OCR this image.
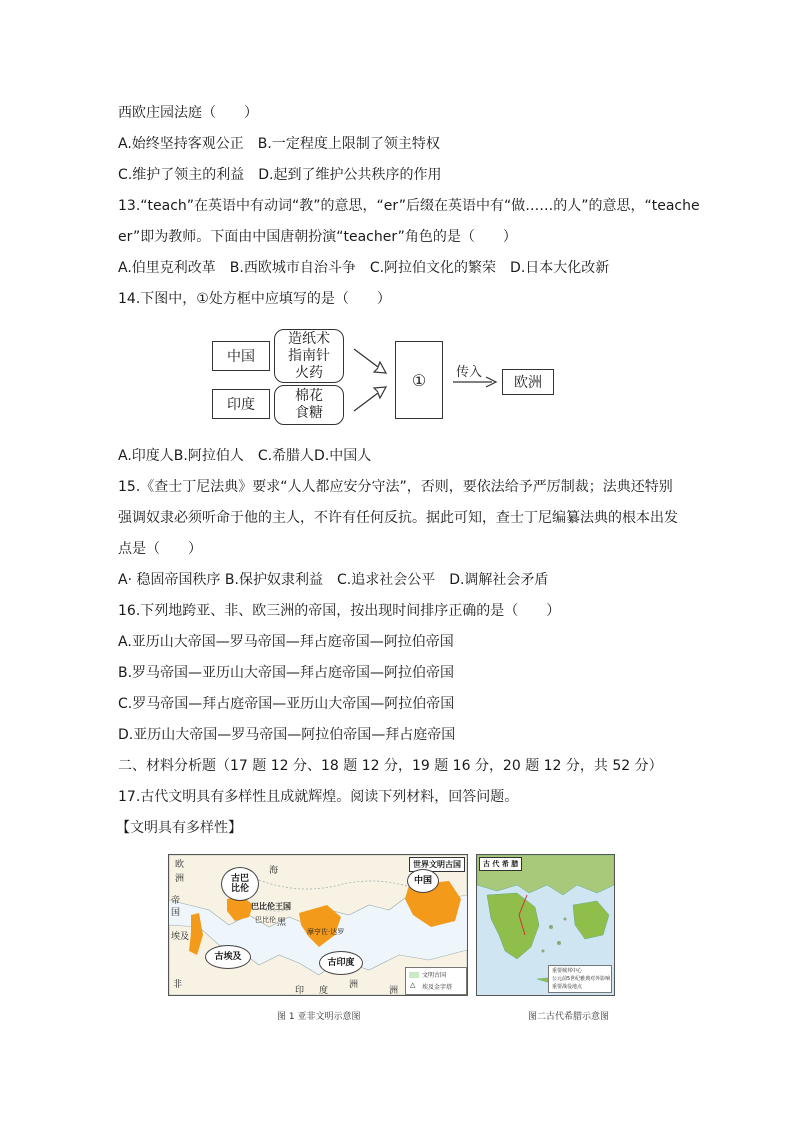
西欧庄园法庭（　　）
A.始终坚持客观公正　B.一定程度上限制了领主特权
C.维护了领主的利益　D.起到了维护公共秩序的作用
13.“teach”在英语中有动词“教”的意思，“er”后缀在英语中有“做……的人”的意思，“teache
er”即为教师。下面由中国唐朝扮演“teacher”角色的是（　　）
A.伯里克利改革　B.西欧城市自治斗争　C.阿拉伯文化的繁荣　D.日本大化改新
14.下图中，①处方框中应填写的是（　　）
中国
印度
造纸术
指南针
火药
棉花
食糖
①	传入
欧洲
A.印度人B.阿拉伯人　C.希腊人D.中国人
15.《查士丁尼法典》要求“人人都应安分守法”，否则，要依法给予严厉制裁；法典还特别
强调奴隶必须听命于他的主人，不许有任何反抗。据此可知，查士丁尼编纂法典的根本出发
点是（　　）
A· 稳固帝国秩序 B.保护奴隶利益　C.追求社会公平　D.调解社会矛盾
16.下列地跨亚、非、欧三洲的帝国，按出现时间排序正确的是（　　）
A.亚历山大帝国—罗马帝国—拜占庭帝国—阿拉伯帝国
B.罗马帝国—亚历山大帝国—拜占庭帝国—阿拉伯帝国
C.罗马帝国—拜占庭帝国—亚历山大帝国—阿拉伯帝国
D.亚历山大帝国—罗马帝国—阿拉伯帝国—拜占庭帝国
二、材料分析题（17 题 12 分、18 题 12 分，19 题 16 分，20 题 12 分，共 52 分）
17.古代文明具有多样性且成就辉煌。阅读下列材料，回答问题。
【文明具有多样性】
世界文明古国
古巴
比伦
中国
古埃及
古印度
巴比伦王国
欧
洲
帝
国
埃及
非
摩亨佐·达罗
巴比伦
印 度
洲
洲
黑
海
文明古国
△ 埃及金字塔
古 代 希 腊
重要城邦中心
公元前5世纪雅典对外影响
重要战役地点
图 1 亚非文明示意图	图二古代希腊示意图
